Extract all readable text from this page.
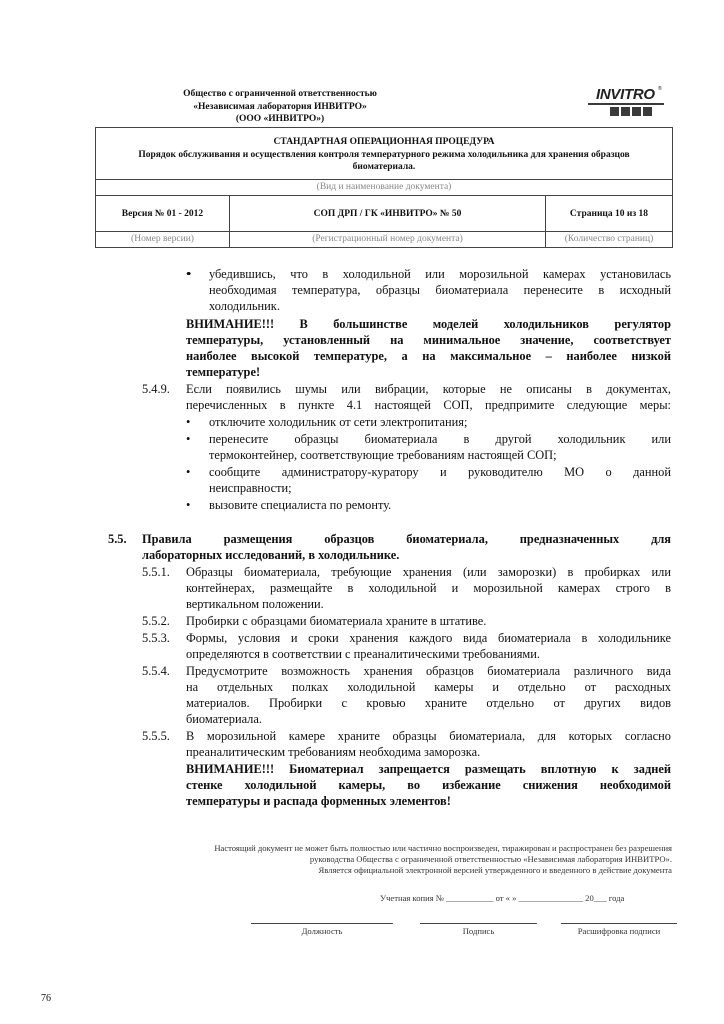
Общество с ограниченной ответственностью
«Независимая лаборатория ИНВИТРО»
(ООО «ИНВИТРО»)
INVITRO ®
СТАНДАРТНАЯ ОПЕРАЦИОННАЯ ПРОЦЕДУРА
Порядок обслуживания и осуществления контроля температурного режима холодильника для хранения образцов
биоматериала.
(Вид и наименование документа)
Версия № 01 - 2012	СОП ДРП / ГК «ИНВИТРО» № 50	Страница 10 из 18
(Номер версии)	(Регистрационный номер документа)	(Количество страниц)
• убедившись, что в холодильной или морозильной камерах установилась
необходимая температура, образцы биоматериала перенесите в исходный
холодильник.
ВНИМАНИЕ!!! В большинстве моделей холодильников регулятор
температуры, установленный на минимальное значение, соответствует
наиболее высокой температуре, а на максимальное – наиболее низкой
температуре!
5.4.9. Если появились шумы или вибрации, которые не описаны в документах,
перечисленных в пункте 4.1 настоящей СОП, предпримите следующие меры:
• отключите холодильник от сети электропитания;
• перенесите образцы биоматериала в другой холодильник или
термоконтейнер, соответствующие требованиям настоящей СОП;
• сообщите администратору-куратору и руководителю МО о данной
неисправности;
• вызовите специалиста по ремонту.
5.5. Правила размещения образцов биоматериала, предназначенных для
лабораторных исследований, в холодильнике.
5.5.1. Образцы биоматериала, требующие хранения (или заморозки) в пробирках или
контейнерах, размещайте в холодильной и морозильной камерах строго в
вертикальном положении.
5.5.2. Пробирки с образцами биоматериала храните в штативе.
5.5.3. Формы, условия и сроки хранения каждого вида биоматериала в холодильнике
определяются в соответствии с преаналитическими требованиями.
5.5.4. Предусмотрите возможность хранения образцов биоматериала различного вида
на отдельных полках холодильной камеры и отдельно от расходных
материалов. Пробирки с кровью храните отдельно от других видов
биоматериала.
5.5.5. В морозильной камере храните образцы биоматериала, для которых согласно
преаналитическим требованиям необходима заморозка.
ВНИМАНИЕ!!! Биоматериал запрещается размещать вплотную к задней
стенке холодильной камеры, во избежание снижения необходимой
температуры и распада форменных элементов!
Настоящий документ не может быть полностью или частично воспроизведен, тиражирован и распространен без разрешения
руководства Общества с ограниченной ответственностью «Независимая лаборатория ИНВИТРО».
Является официальной электронной версией утвержденного и введенного в действие документа
Учетная копия № ___________ от « » _______________ 20___ года
Должность	Подпись	Расшифровка подписи
76
